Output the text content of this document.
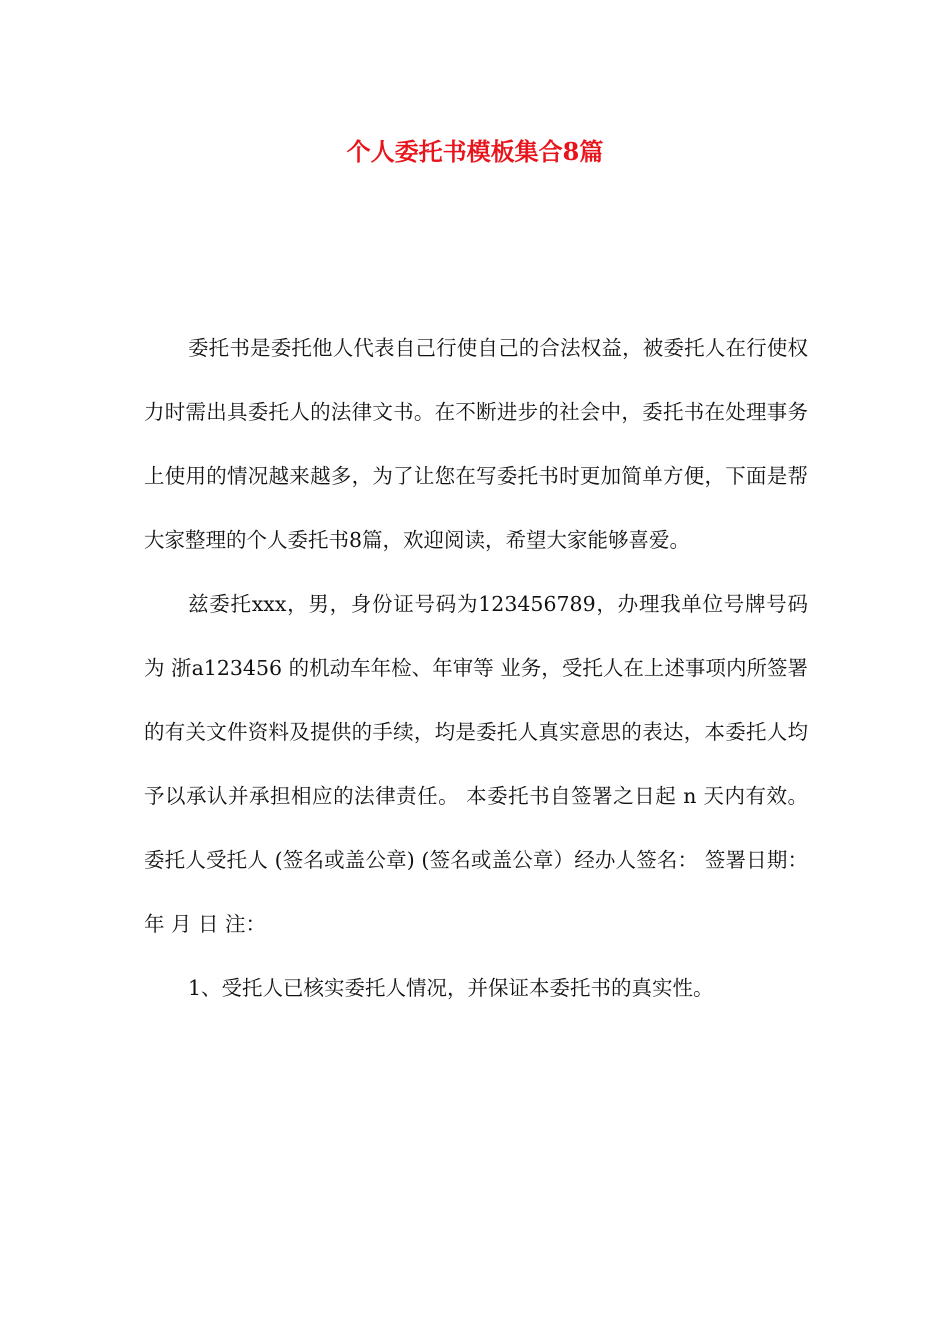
个人委托书模板集合8篇

委托书是委托他人代表自己行使自己的合法权益，被委托人在行使权力时需出具委托人的法律文书。在不断进步的社会中，委托书在处理事务上使用的情况越来越多，为了让您在写委托书时更加简单方便，下面是帮大家整理的个人委托书8篇，欢迎阅读，希望大家能够喜爱。

兹委托xxx，男，身份证号码为123456789，办理我单位号牌号码为 浙a123456 的机动车年检、年审等 业务，受托人在上述事项内所签署的有关文件资料及提供的手续，均是委托人真实意思的表达，本委托人均予以承认并承担相应的法律责任。 本委托书自签署之日起 n 天内有效。 委托人受托人 (签名或盖公章) (签名或盖公章）经办人签名： 签署日期： 年 月 日 注：

1、受托人已核实委托人情况，并保证本委托书的真实性。
